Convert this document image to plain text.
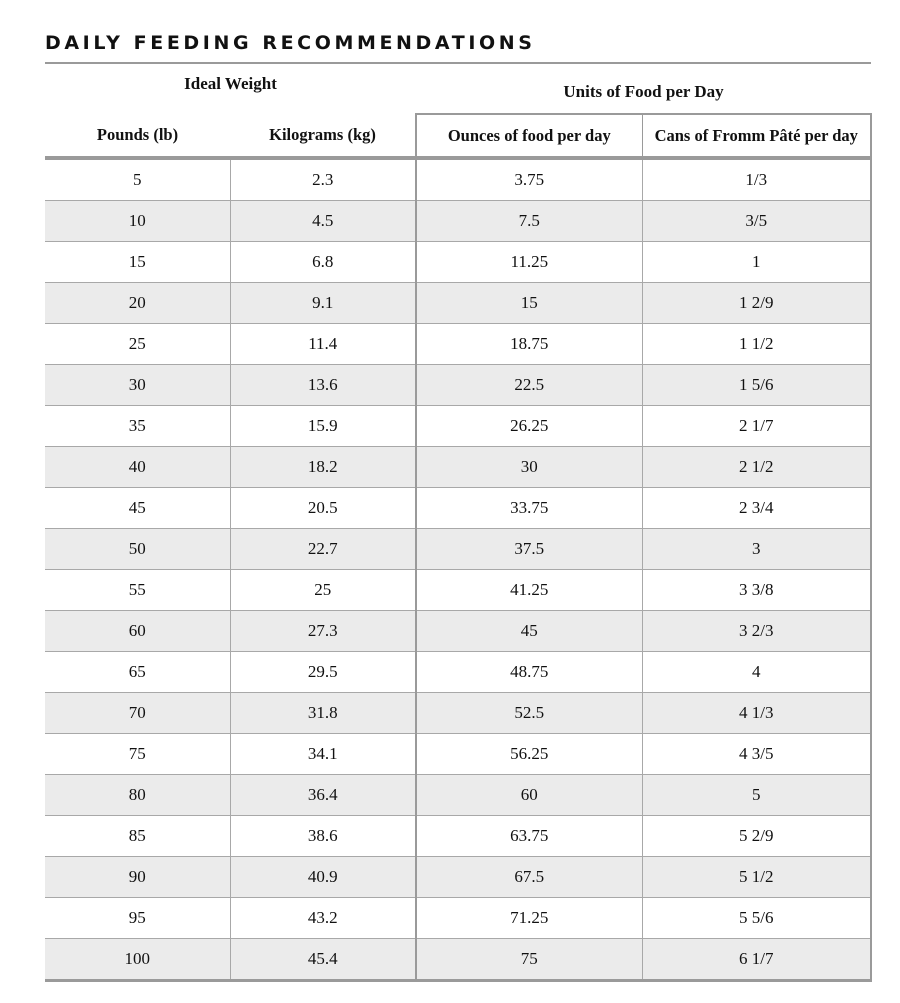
DAILY FEEDING RECOMMENDATIONS
Ideal Weight		Units of Food per Day	
Pounds (lb)	Kilograms (kg)	Ounces of food per day	Cans of Fromm Pâté per day
5	2.3	3.75	1/3
10	4.5	7.5	3/5
15	6.8	11.25	1
20	9.1	15	1 2/9
25	11.4	18.75	1 1/2
30	13.6	22.5	1 5/6
35	15.9	26.25	2 1/7
40	18.2	30	2 1/2
45	20.5	33.75	2 3/4
50	22.7	37.5	3
55	25	41.25	3 3/8
60	27.3	45	3 2/3
65	29.5	48.75	4
70	31.8	52.5	4 1/3
75	34.1	56.25	4 3/5
80	36.4	60	5
85	38.6	63.75	5 2/9
90	40.9	67.5	5 1/2
95	43.2	71.25	5 5/6
100	45.4	75	6 1/7
